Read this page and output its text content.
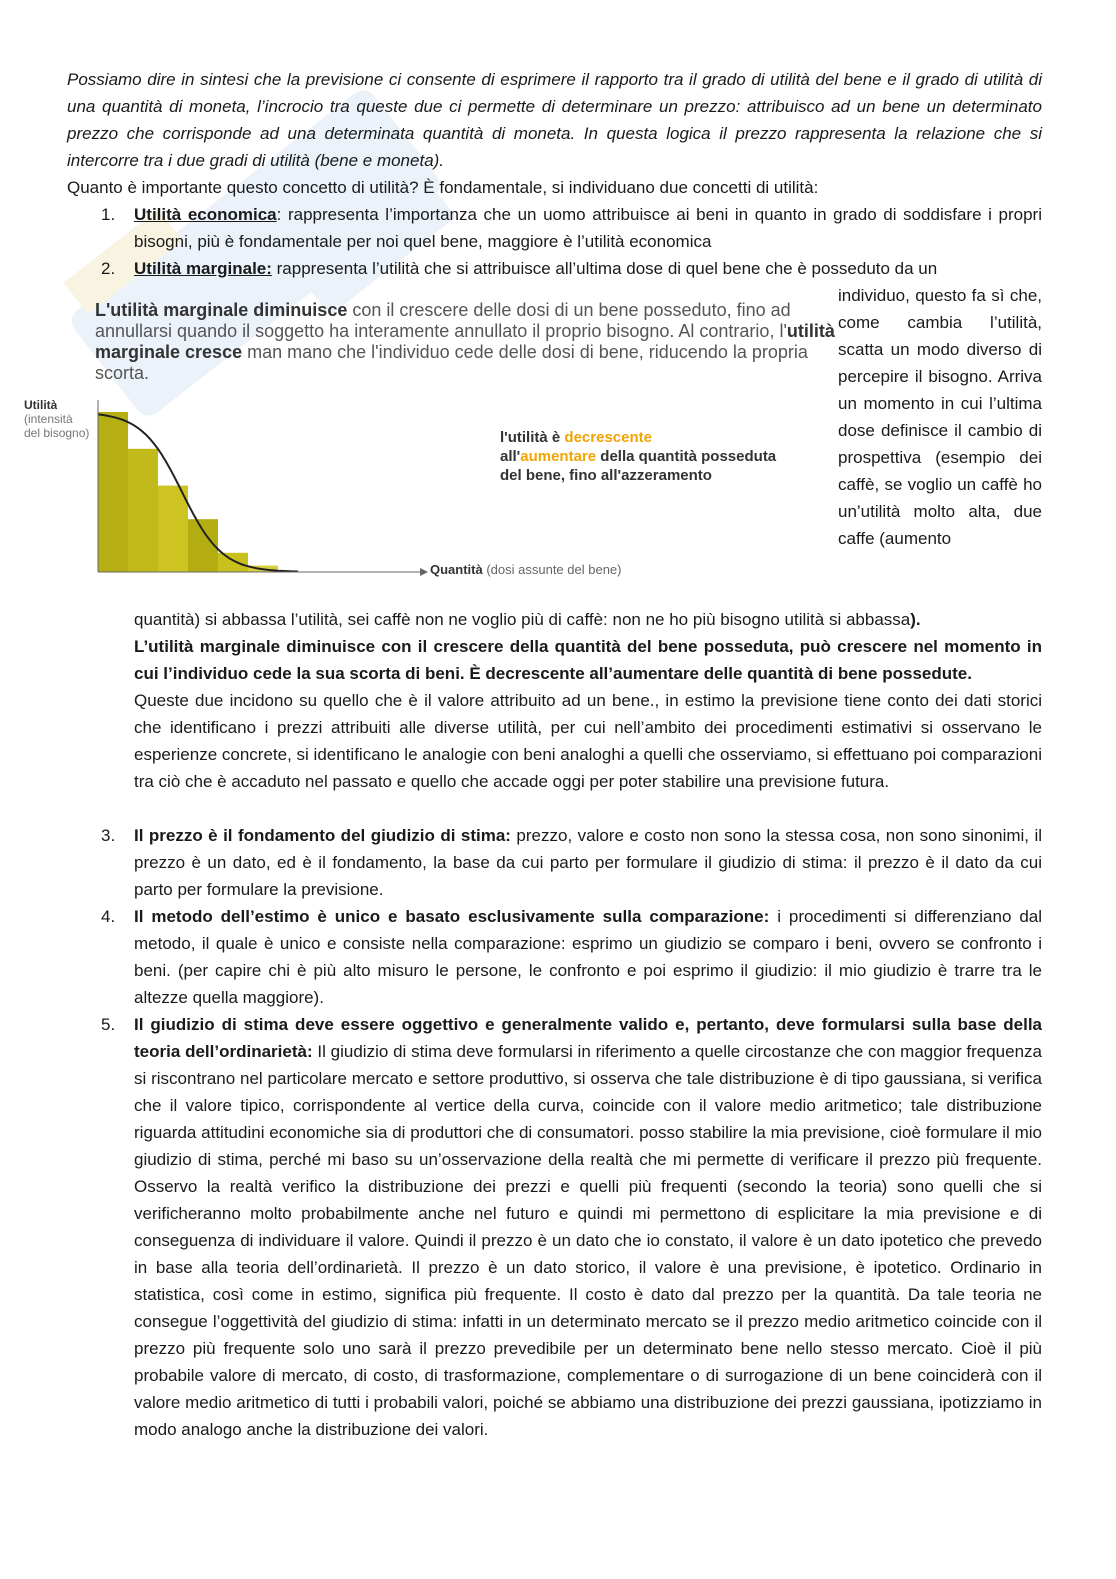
Possiamo dire in sintesi che la previsione ci consente di esprimere il rapporto tra il grado di utilità del bene e il grado di utilità di una quantità di moneta, l’incrocio tra queste due ci permette di determinare un prezzo: attribuisco ad un bene un determinato prezzo che corrisponde ad una determinata quantità di moneta. In questa logica il prezzo rappresenta la relazione che si intercorre tra i due gradi di utilità (bene e moneta).
Quanto è importante questo concetto di utilità? È fondamentale, si individuano due concetti di utilità:
1. Utilità economica: rappresenta l’importanza che un uomo attribuisce ai beni in quanto in grado di soddisfare i propri bisogni, più è fondamentale per noi quel bene, maggiore è l’utilità economica
2. Utilità marginale: rappresenta l’utilità che si attribuisce all’ultima dose di quel bene che è posseduto da un
L'utilità marginale diminuisce con il crescere delle dosi di un bene posseduto, fino ad annullarsi quando il soggetto ha interamente annullato il proprio bisogno. Al contrario, l'utilità marginale cresce man mano che l'individuo cede delle dosi di bene, riducendo la propria scorta.
Utilità
(intensità
del bisogno)	l'utilità è decrescente
all'aumentare della quantità posseduta del bene, fino all'azzeramento
Quantità (dosi assunte del bene)
individuo, questo fa sì che, come cambia l’utilità, scatta un modo diverso di percepire il bisogno. Arriva un momento in cui l’ultima dose definisce il cambio di prospettiva (esempio dei caffè, se voglio un caffè ho un’utilità molto alta, due caffe (aumento
quantità) si abbassa l’utilità, sei caffè non ne voglio più di caffè: non ne ho più bisogno utilità si abbassa).
L’utilità marginale diminuisce con il crescere della quantità del bene posseduta, può crescere nel momento in cui l’individuo cede la sua scorta di beni. È decrescente all’aumentare delle quantità di bene possedute.
Queste due incidono su quello che è il valore attribuito ad un bene., in estimo la previsione tiene conto dei dati storici che identificano i prezzi attribuiti alle diverse utilità, per cui nell’ambito dei procedimenti estimativi si osservano le esperienze concrete, si identificano le analogie con beni analoghi a quelli che osserviamo, si effettuano poi comparazioni tra ciò che è accaduto nel passato e quello che accade oggi per poter stabilire una previsione futura.
3. Il prezzo è il fondamento del giudizio di stima: prezzo, valore e costo non sono la stessa cosa, non sono sinonimi, il prezzo è un dato, ed è il fondamento, la base da cui parto per formulare il giudizio di stima: il prezzo è il dato da cui parto per formulare la previsione.
4. Il metodo dell’estimo è unico e basato esclusivamente sulla comparazione: i procedimenti si differenziano dal metodo, il quale è unico e consiste nella comparazione: esprimo un giudizio se comparo i beni, ovvero se confronto i beni. (per capire chi è più alto misuro le persone, le confronto e poi esprimo il giudizio: il mio giudizio è trarre tra le altezze quella maggiore).
5. Il giudizio di stima deve essere oggettivo e generalmente valido e, pertanto, deve formularsi sulla base della teoria dell’ordinarietà: Il giudizio di stima deve formularsi in riferimento a quelle circostanze che con maggior frequenza si riscontrano nel particolare mercato e settore produttivo, si osserva che tale distribuzione è di tipo gaussiana, si verifica che il valore tipico, corrispondente al vertice della curva, coincide con il valore medio aritmetico; tale distribuzione riguarda attitudini economiche sia di produttori che di consumatori. posso stabilire la mia previsione, cioè formulare il mio giudizio di stima, perché mi baso su un’osservazione della realtà che mi permette di verificare il prezzo più frequente. Osservo la realtà verifico la distribuzione dei prezzi e quelli più frequenti (secondo la teoria) sono quelli che si verificheranno molto probabilmente anche nel futuro e quindi mi permettono di esplicitare la mia previsione e di conseguenza di individuare il valore. Quindi il prezzo è un dato che io constato, il valore è un dato ipotetico che prevedo in base alla teoria dell’ordinarietà. Il prezzo è un dato storico, il valore è una previsione, è ipotetico. Ordinario in statistica, così come in estimo, significa più frequente. Il costo è dato dal prezzo per la quantità. Da tale teoria ne consegue l’oggettività del giudizio di stima: infatti in un determinato mercato se il prezzo medio aritmetico coincide con il prezzo più frequente solo uno sarà il prezzo prevedibile per un determinato bene nello stesso mercato. Cioè il più probabile valore di mercato, di costo, di trasformazione, complementare o di surrogazione di un bene coinciderà con il valore medio aritmetico di tutti i probabili valori, poiché se abbiamo una distribuzione dei prezzi gaussiana, ipotizziamo in modo analogo anche la distribuzione dei valori.
